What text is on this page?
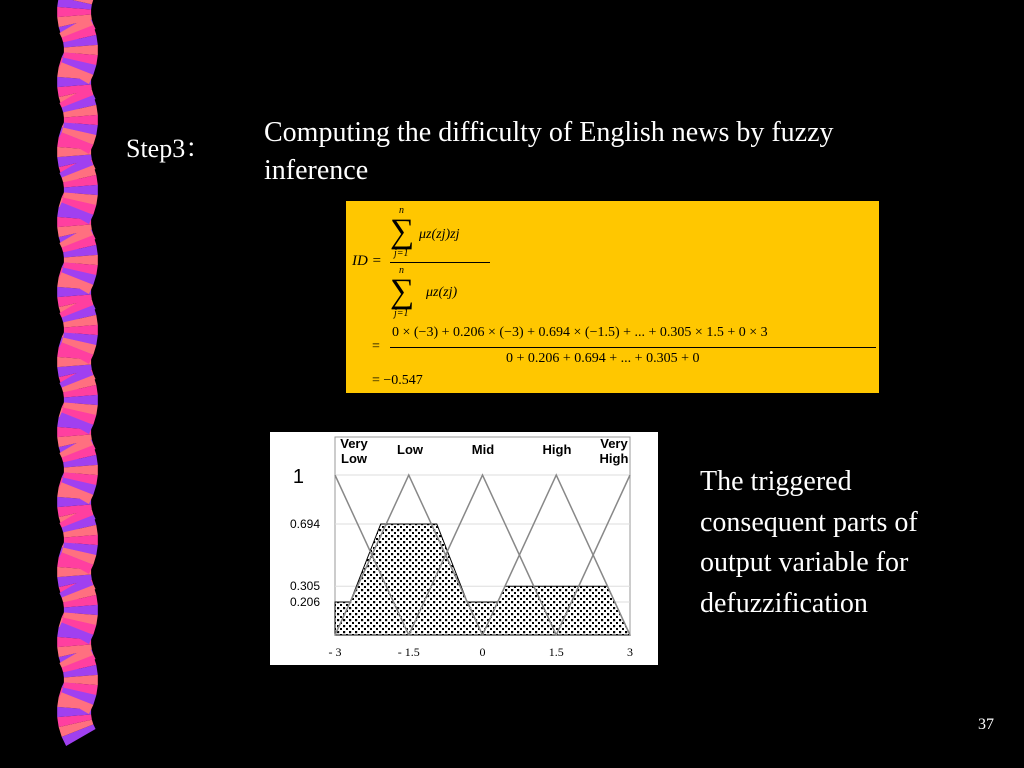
Step3：
Computing the difficulty of English news by fuzzy inference
ID =
n
∑
j=1
μz(zj)zj
n
∑
j=1
μz(zj)
=
0 × (−3) + 0.206 × (−3) + 0.694 × (−1.5) + ... + 0.305 × 1.5 + 0 × 3
0 + 0.206 + 0.694 + ... + 0.305 + 0
= −0.547
Very
Low
Low	Mid	High Very
High
1
0.694
0.305
0.206
- 3	- 1.5	0	1.5	3
The triggered consequent parts of output variable for defuzzification
37
